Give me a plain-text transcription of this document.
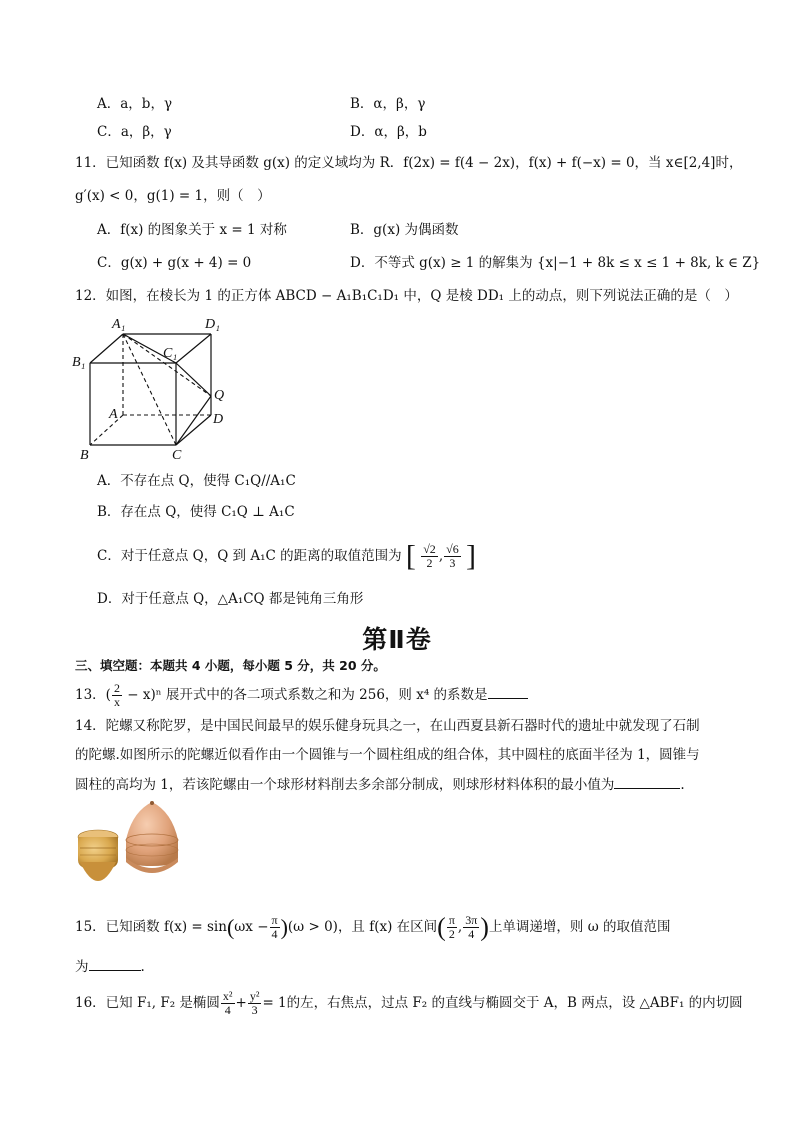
A．a，b，γ	B．α，β，γ
C．a，β，γ	D．α，β，b
11．已知函数 f(x) 及其导函数 g(x) 的定义域均为 R．f(2x) = f(4 − 2x)，f(x) + f(−x) = 0，当 x∈[2,4]时，
g′(x) < 0，g(1) = 1，则（　）
A．f(x) 的图象关于 x = 1 对称	B．g(x) 为偶函数
C．g(x) + g(x + 4) = 0	D．不等式 g(x) ≥ 1 的解集为 {x|−1 + 8k ≤ x ≤ 1 + 8k, k ∈ Z}
12．如图，在棱长为 1 的正方体 ABCD − A₁B₁C₁D₁ 中，Q 是棱 DD₁ 上的动点，则下列说法正确的是（　）
A₁	D₁
B₁
C₁
A
Q
D
B	C
A．不存在点 Q，使得 C₁Q//A₁C
B．存在点 Q，使得 C₁Q ⊥ A₁C
C．对于任意点 Q，Q 到 A₁C 的距离的取值范围为 [ $\frac{√2}{2}$ , $\frac{√6}{3}$ ]
D．对于任意点 Q，△A₁CQ 都是钝角三角形
第Ⅱ卷
三、填空题：本题共 4 小题，每小题 5 分，共 20 分。
13．( $\frac{2}{x} - x)^n$ 展开式中的各二项式系数之和为 256，则 x⁴ 的系数是
14．陀螺又称陀罗，是中国民间最早的娱乐健身玩具之一，在山西夏县新石器时代的遗址中就发现了石制
的陀螺.如图所示的陀螺近似看作由一个圆锥与一个圆柱组成的组合体，其中圆柱的底面半径为 1，圆锥与
圆柱的高均为 1，若该陀螺由一个球形材料削去多余部分制成，则球形材料体积的最小值为	.
15．已知函数 $f(x) = \sin(\omega x - \frac{\pi}{4} )(\omega > 0)$，且 f(x) 在区间( $\frac{\pi}{2}$ , $\frac{3\pi}{4}$ )上单调递增，则 ω 的取值范围
为	.
16．已知 F₁, F₂ 是椭圆 $\frac{\text{x²}}{4} + \frac{\text{y²}}{3} = 1$的左，右焦点，过点 F₂ 的直线与椭圆交于 A，B 两点，设 △ABF₁ 的内切圆
